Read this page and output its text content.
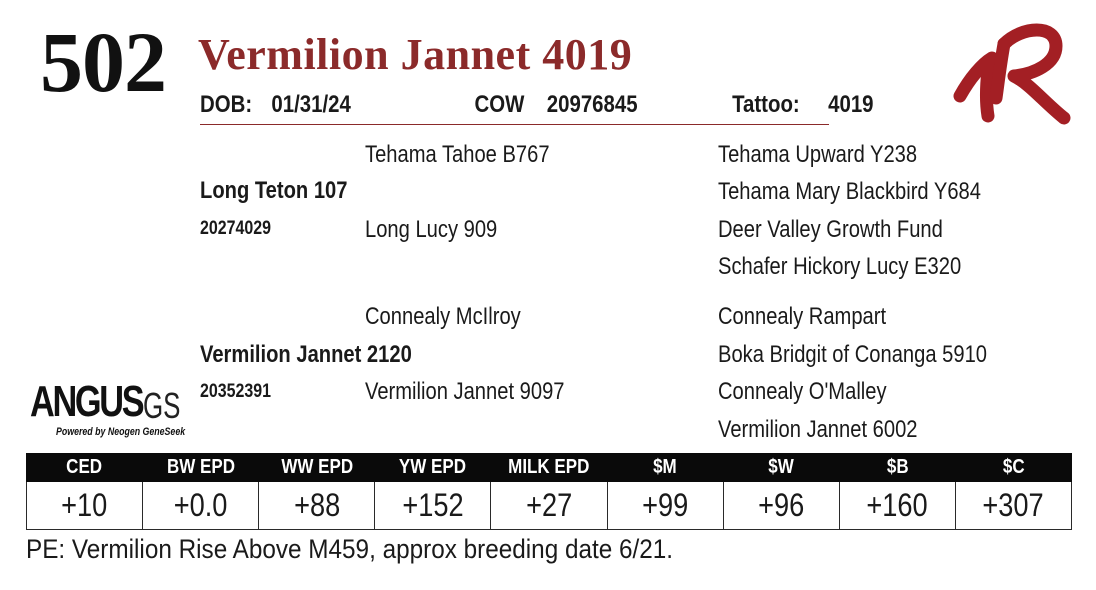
502 Vermilion Jannet 4019
DOB: 01/31/24	COW 20976845	Tattoo: 4019
Tehama Tahoe B767
Long Teton 107
20274029	Long Lucy 909
Tehama Upward Y238
Tehama Mary Blackbird Y684
Deer Valley Growth Fund
Schafer Hickory Lucy E320
Connealy McIlroy
Vermilion Jannet 2120
20352391	Vermilion Jannet 9097
Connealy Rampart
Boka Bridgit of Conanga 5910
Connealy O'Malley
Vermilion Jannet 6002
ANGUS GS
Powered by Neogen GeneSeek
CED	BW EPD	WW EPD	YW EPD	MILK EPD	$M	$W	$B	$C
+10	+0.0	+88	+152	+27	+99	+96	+160	+307
PE: Vermilion Rise Above M459, approx breeding date 6/21.
